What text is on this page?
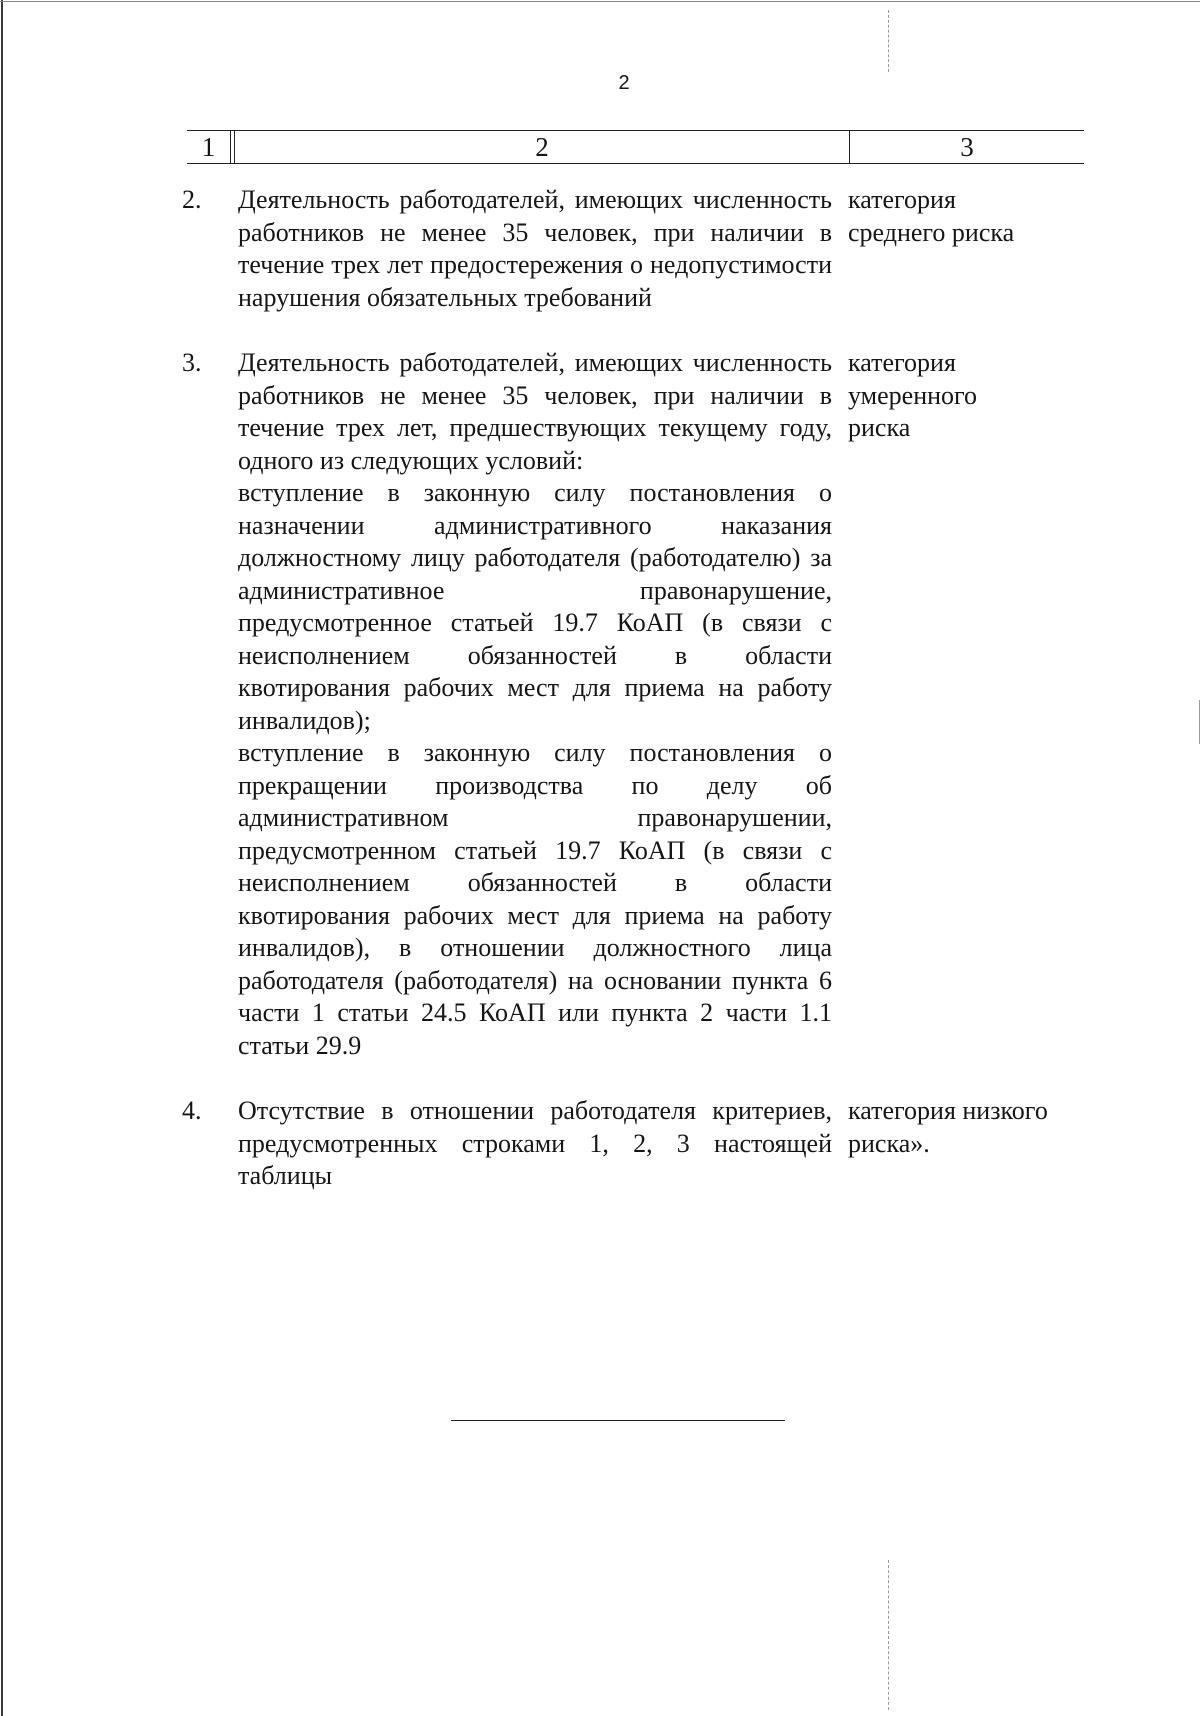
2
1	2	3
2. Деятельность работодателей, имеющих численность работников не менее 35 человек, при наличии в течение трех лет предостережения о недопустимости нарушения обязательных требований

категория среднего риска
3. Деятельность работодателей, имеющих численность работников не менее 35 человек, при наличии в течение трех лет, предшествующих текущему году, одного из следующих условий:

вступление в законную силу постановления о назначении административного наказания должностному лицу работодателя (работодателю) за административное правонарушение, предусмотренное статьей 19.7 КоАП (в связи с неисполнением обязанностей в области квотирования рабочих мест для приема на работу инвалидов);

вступление в законную силу постановления о прекращении производства по делу об административном правонарушении, предусмотренном статьей 19.7 КоАП (в связи с неисполнением обязанностей в области квотирования рабочих мест для приема на работу инвалидов), в отношении должностного лица работодателя (работодателя) на основании пункта 6 части 1 статьи 24.5 КоАП или пункта 2 части 1.1 статьи 29.9

категория умеренного риска
4. Отсутствие в отношении работодателя критериев, предусмотренных строками 1, 2, 3 настоящей таблицы

категория низкого риска».
